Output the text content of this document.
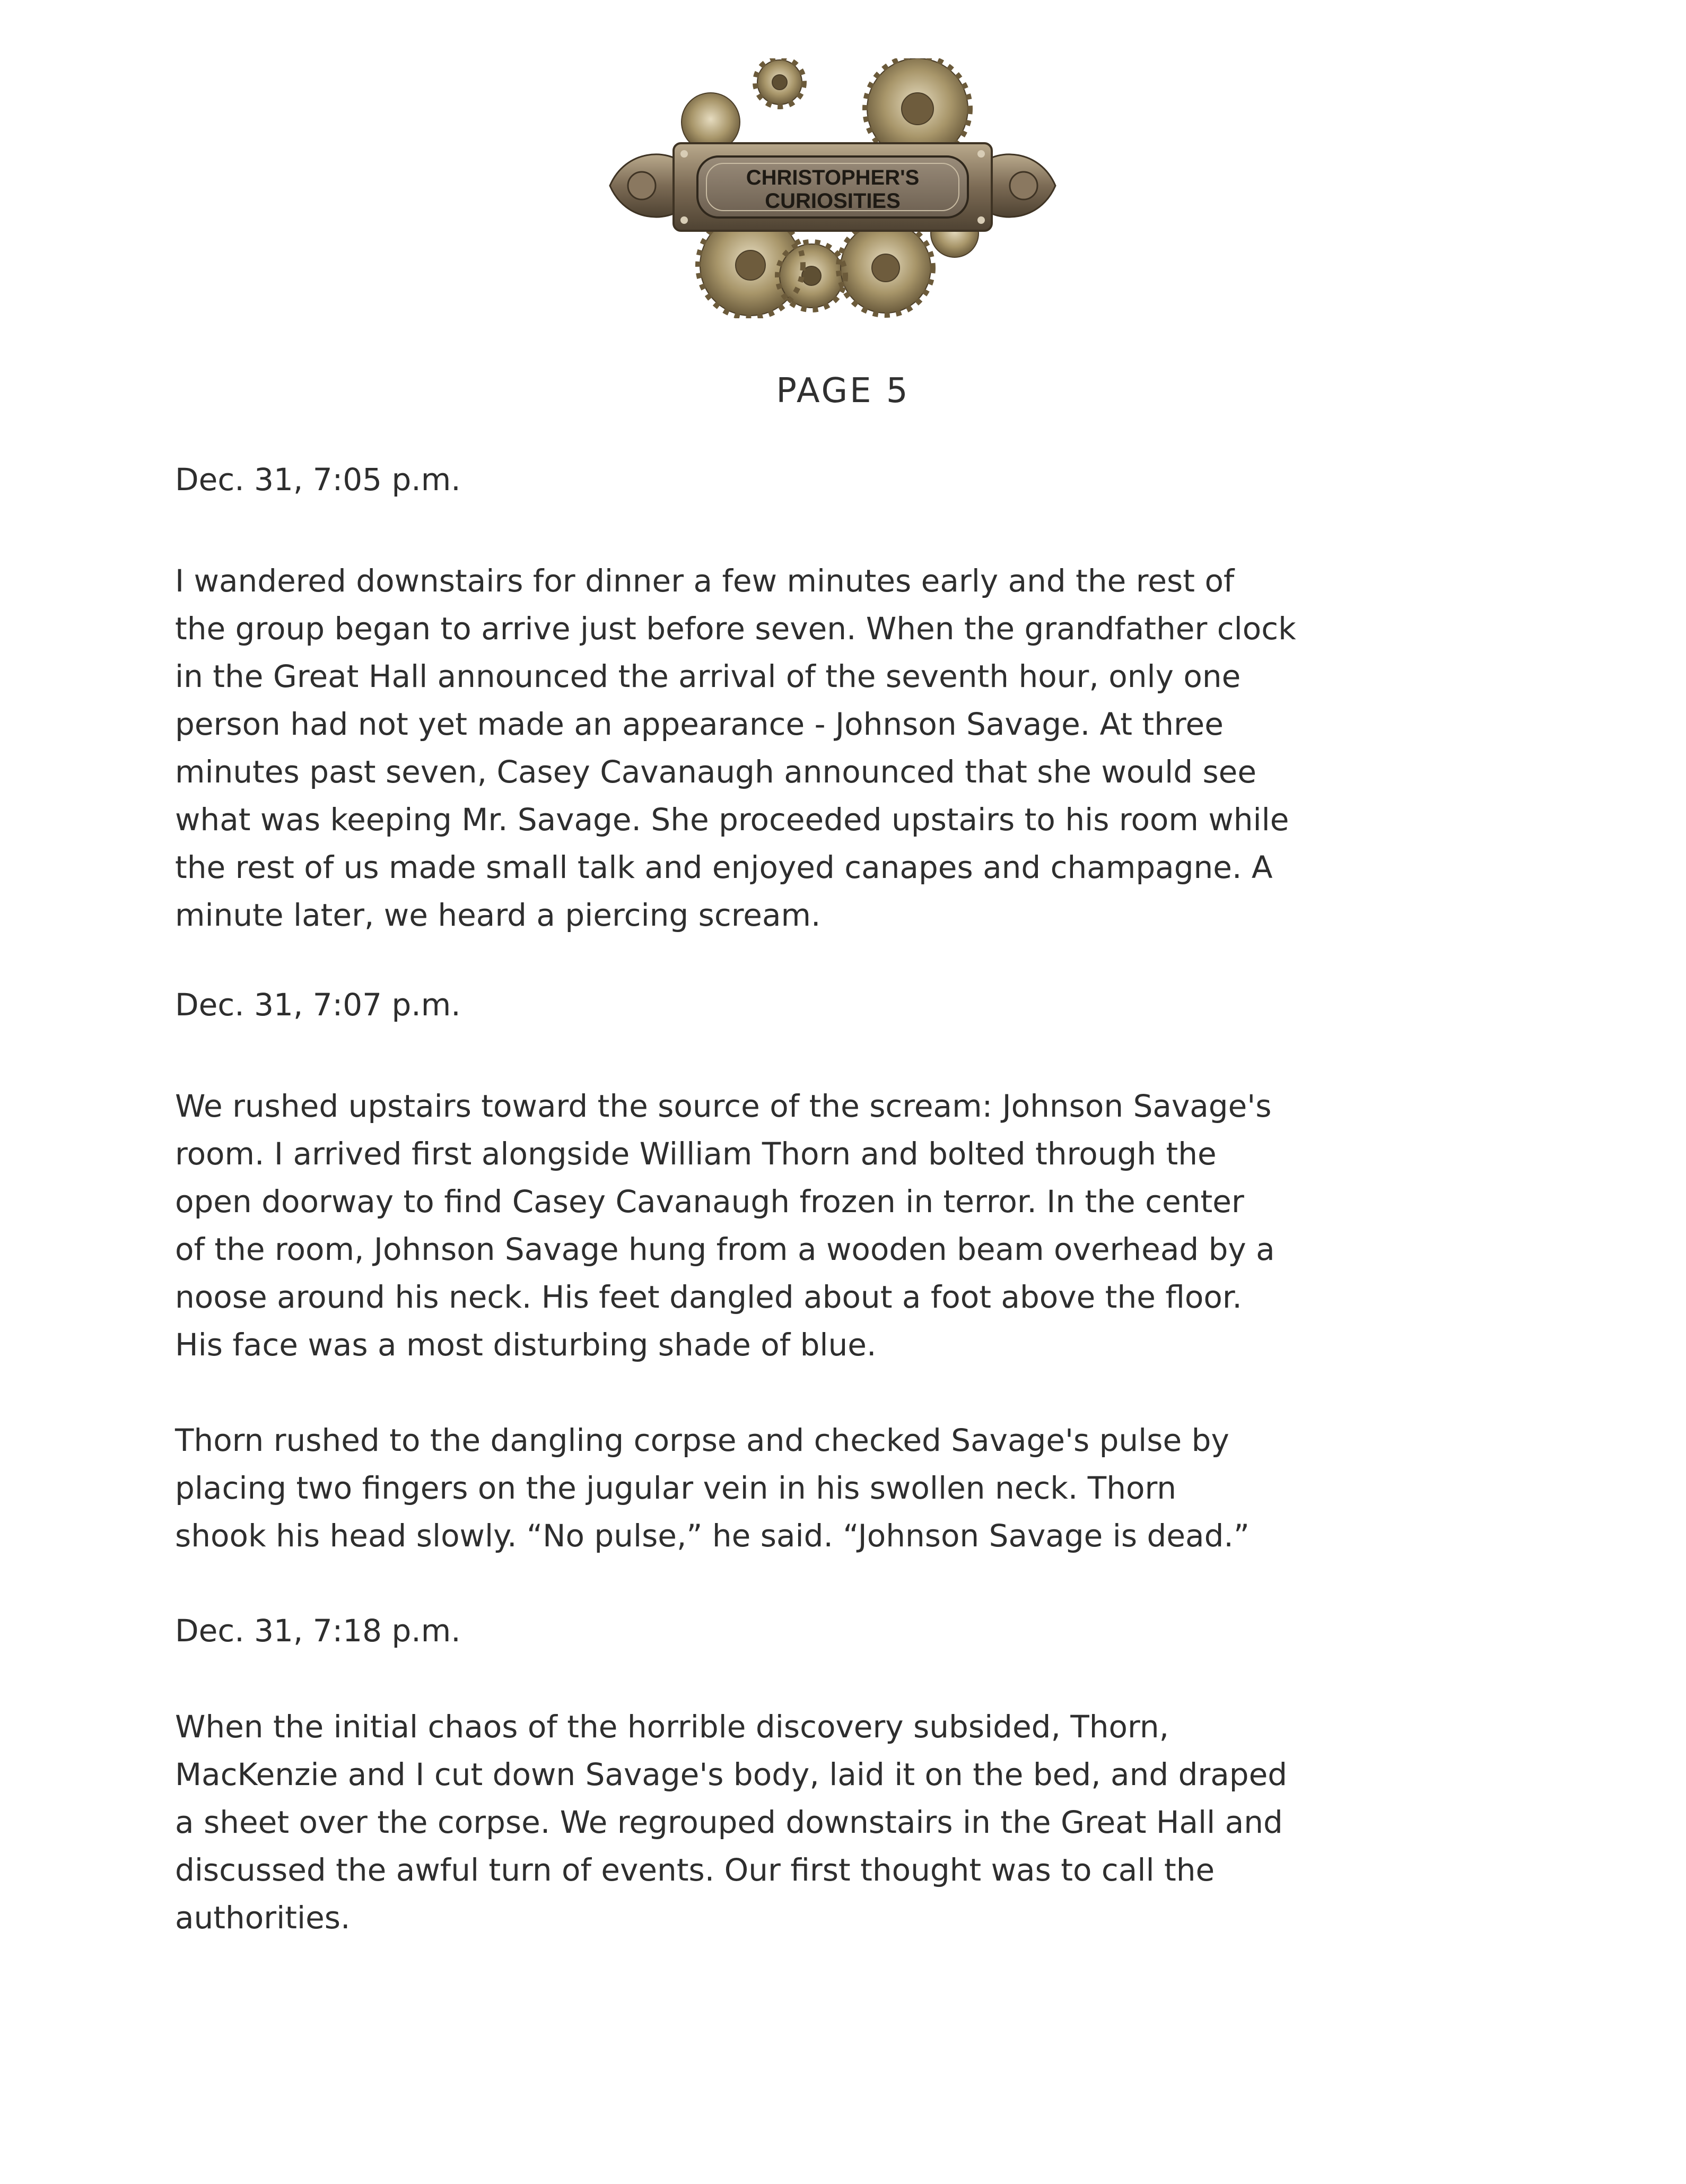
CHRISTOPHER'S
CURIOSITIES
PAGE 5
Dec. 31, 7:05 p.m.
I wandered downstairs for dinner a few minutes early and the rest of
the group began to arrive just before seven. When the grandfather clock
in the Great Hall announced the arrival of the seventh hour, only one
person had not yet made an appearance - Johnson Savage. At three
minutes past seven, Casey Cavanaugh announced that she would see
what was keeping Mr. Savage. She proceeded upstairs to his room while
the rest of us made small talk and enjoyed canapes and champagne. A
minute later, we heard a piercing scream.
Dec. 31, 7:07 p.m.
We rushed upstairs toward the source of the scream: Johnson Savage's
room. I arrived first alongside William Thorn and bolted through the
open doorway to find Casey Cavanaugh frozen in terror. In the center
of the room, Johnson Savage hung from a wooden beam overhead by a
noose around his neck. His feet dangled about a foot above the floor.
His face was a most disturbing shade of blue.
Thorn rushed to the dangling corpse and checked Savage's pulse by
placing two fingers on the jugular vein in his swollen neck. Thorn
shook his head slowly. “No pulse,” he said. “Johnson Savage is dead.”
Dec. 31, 7:18 p.m.
When the initial chaos of the horrible discovery subsided, Thorn,
MacKenzie and I cut down Savage's body, laid it on the bed, and draped
a sheet over the corpse. We regrouped downstairs in the Great Hall and
discussed the awful turn of events. Our first thought was to call the
authorities.
